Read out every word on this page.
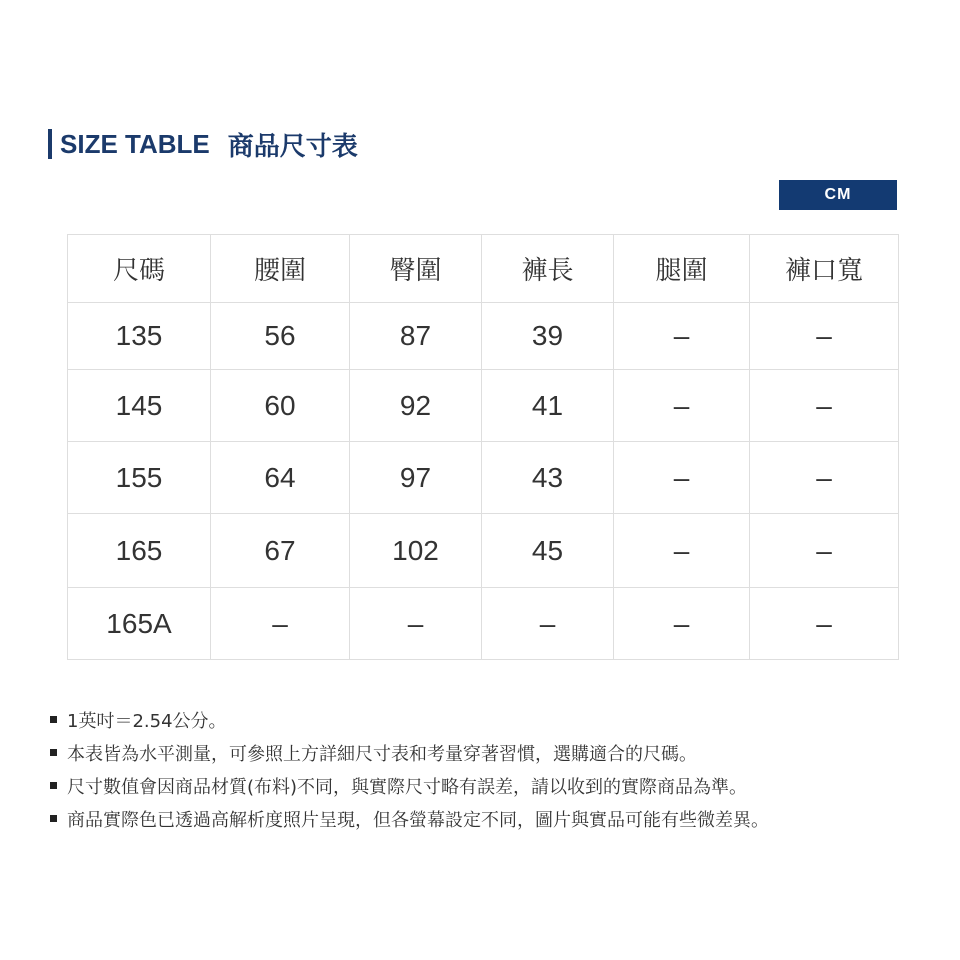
SIZE TABLE 商品尺寸表
CM
尺碼	腰圍	臀圍	褲長	腿圍	褲口寬
135	56	87	39	–	–
145	60	92	41	–	–
155	64	97	43	–	–
165	67	102	45	–	–
165A	–	–	–	–	–
1英吋＝2.54公分。
本表皆為水平測量，可參照上方詳細尺寸表和考量穿著習慣，選購適合的尺碼。
尺寸數值會因商品材質(布料)不同，與實際尺寸略有誤差，請以收到的實際商品為準。
商品實際色已透過高解析度照片呈現，但各螢幕設定不同，圖片與實品可能有些微差異。
